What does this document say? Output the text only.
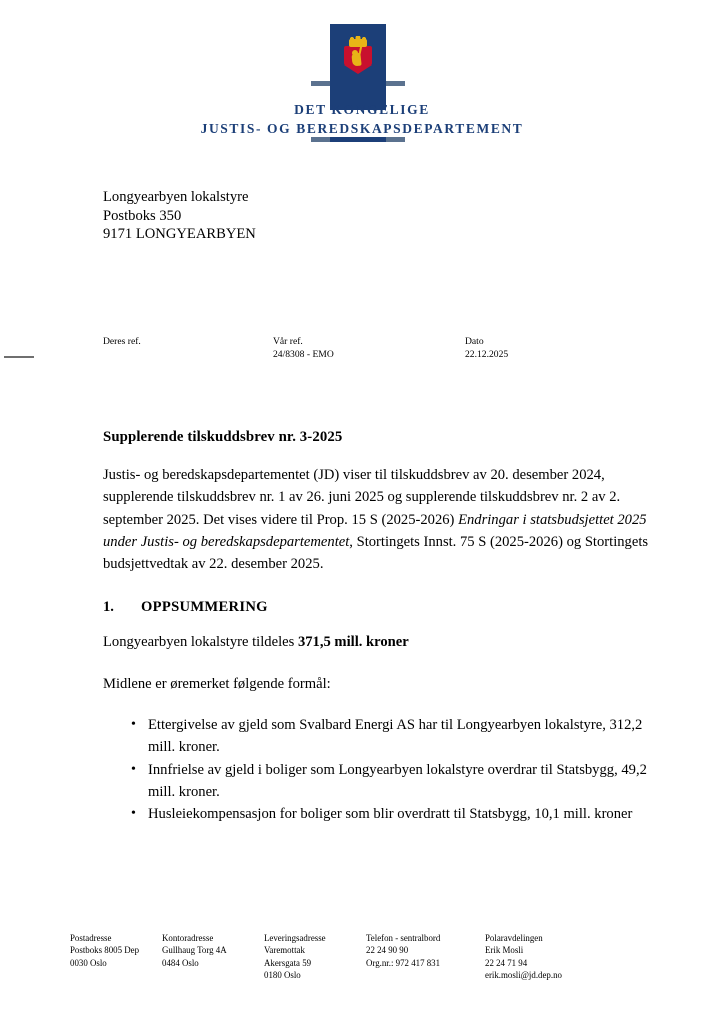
DET KONGELIGE
JUSTIS- OG BEREDSKAPSDEPARTEMENT
Longyearbyen lokalstyre
Postboks 350
9171 LONGYEARBYEN
Deres ref.	Vår ref.
24/8308 - EMO
Dato
22.12.2025
Supplerende tilskuddsbrev nr. 3-2025

Justis- og beredskapsdepartementet (JD) viser til tilskuddsbrev av 20. desember 2024, supplerende tilskuddsbrev nr. 1 av 26. juni 2025 og supplerende tilskuddsbrev nr. 2 av 2. september 2025. Det vises videre til Prop. 15 S (2025-2026) Endringar i statsbudsjettet 2025 under Justis- og beredskapsdepartementet, Stortingets Innst. 75 S (2025-2026) og Stortingets budsjettvedtak av 22. desember 2025.

1.	OPPSUMMERING

Longyearbyen lokalstyre tildeles 371,5 mill. kroner

Midlene er øremerket følgende formål:

• Ettergivelse av gjeld som Svalbard Energi AS har til Longyearbyen lokalstyre, 312,2 mill. kroner.
• Innfrielse av gjeld i boliger som Longyearbyen lokalstyre overdrar til Statsbygg, 49,2 mill. kroner.
• Husleiekompensasjon for boliger som blir overdratt til Statsbygg, 10,1 mill. kroner
Postadresse
Postboks 8005 Dep
0030 Oslo
Kontoradresse
Gullhaug Torg 4A
0484 Oslo
Leveringsadresse
Varemottak
Akersgata 59
0180 Oslo
Telefon - sentralbord
22 24 90 90
Org.nr.: 972 417 831
Polaravdelingen
Erik Mosli
22 24 71 94
erik.mosli@jd.dep.no
